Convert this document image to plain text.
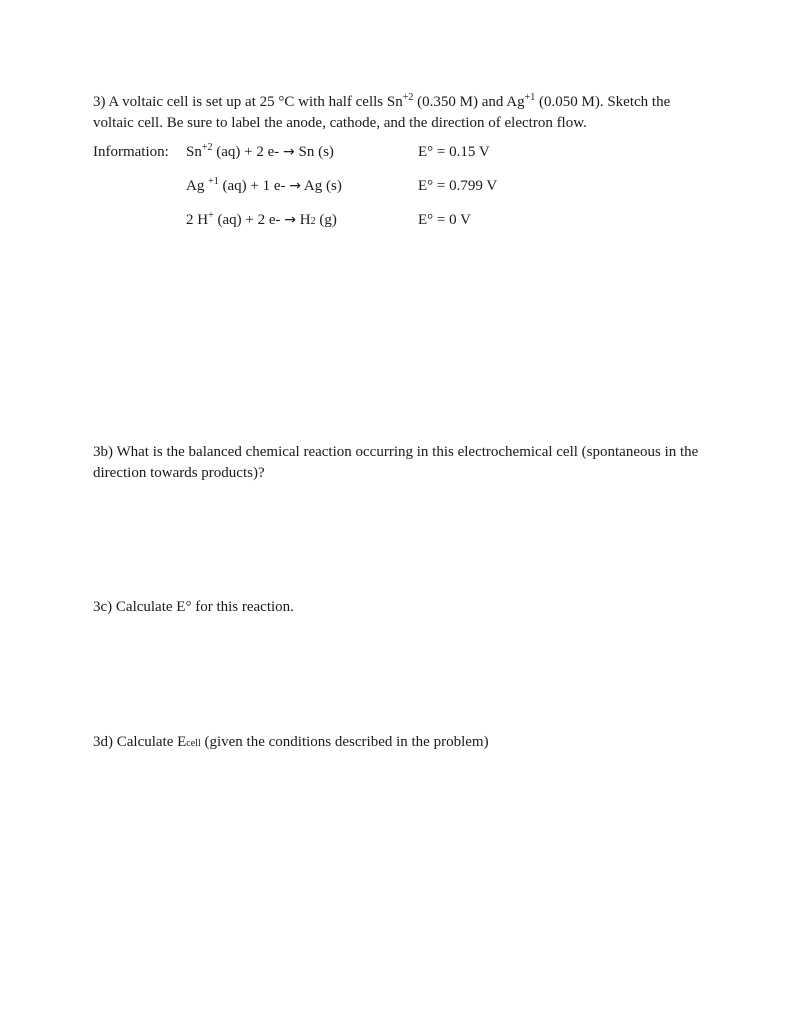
3) A voltaic cell is set up at 25 °C with half cells $Sn^{+2}$ (0.350 M) and $Ag^{+1}$ (0.050 M). Sketch the voltaic cell. Be sure to label the anode, cathode, and the direction of electron flow.
Information: $Sn^{+2}$ (aq) + 2 e- → Sn (s)	E° = 0.15 V
Ag $^{+1}$ (aq) + 1 e- → Ag (s)	E° = 0.799 V
2 H+ (aq) + 2 e- → H2 (g)	E° = 0 V
3b) What is the balanced chemical reaction occurring in this electrochemical cell (spontaneous in the direction towards products)?
3c) Calculate E° for this reaction.
3d) Calculate Ecell (given the conditions described in the problem)
